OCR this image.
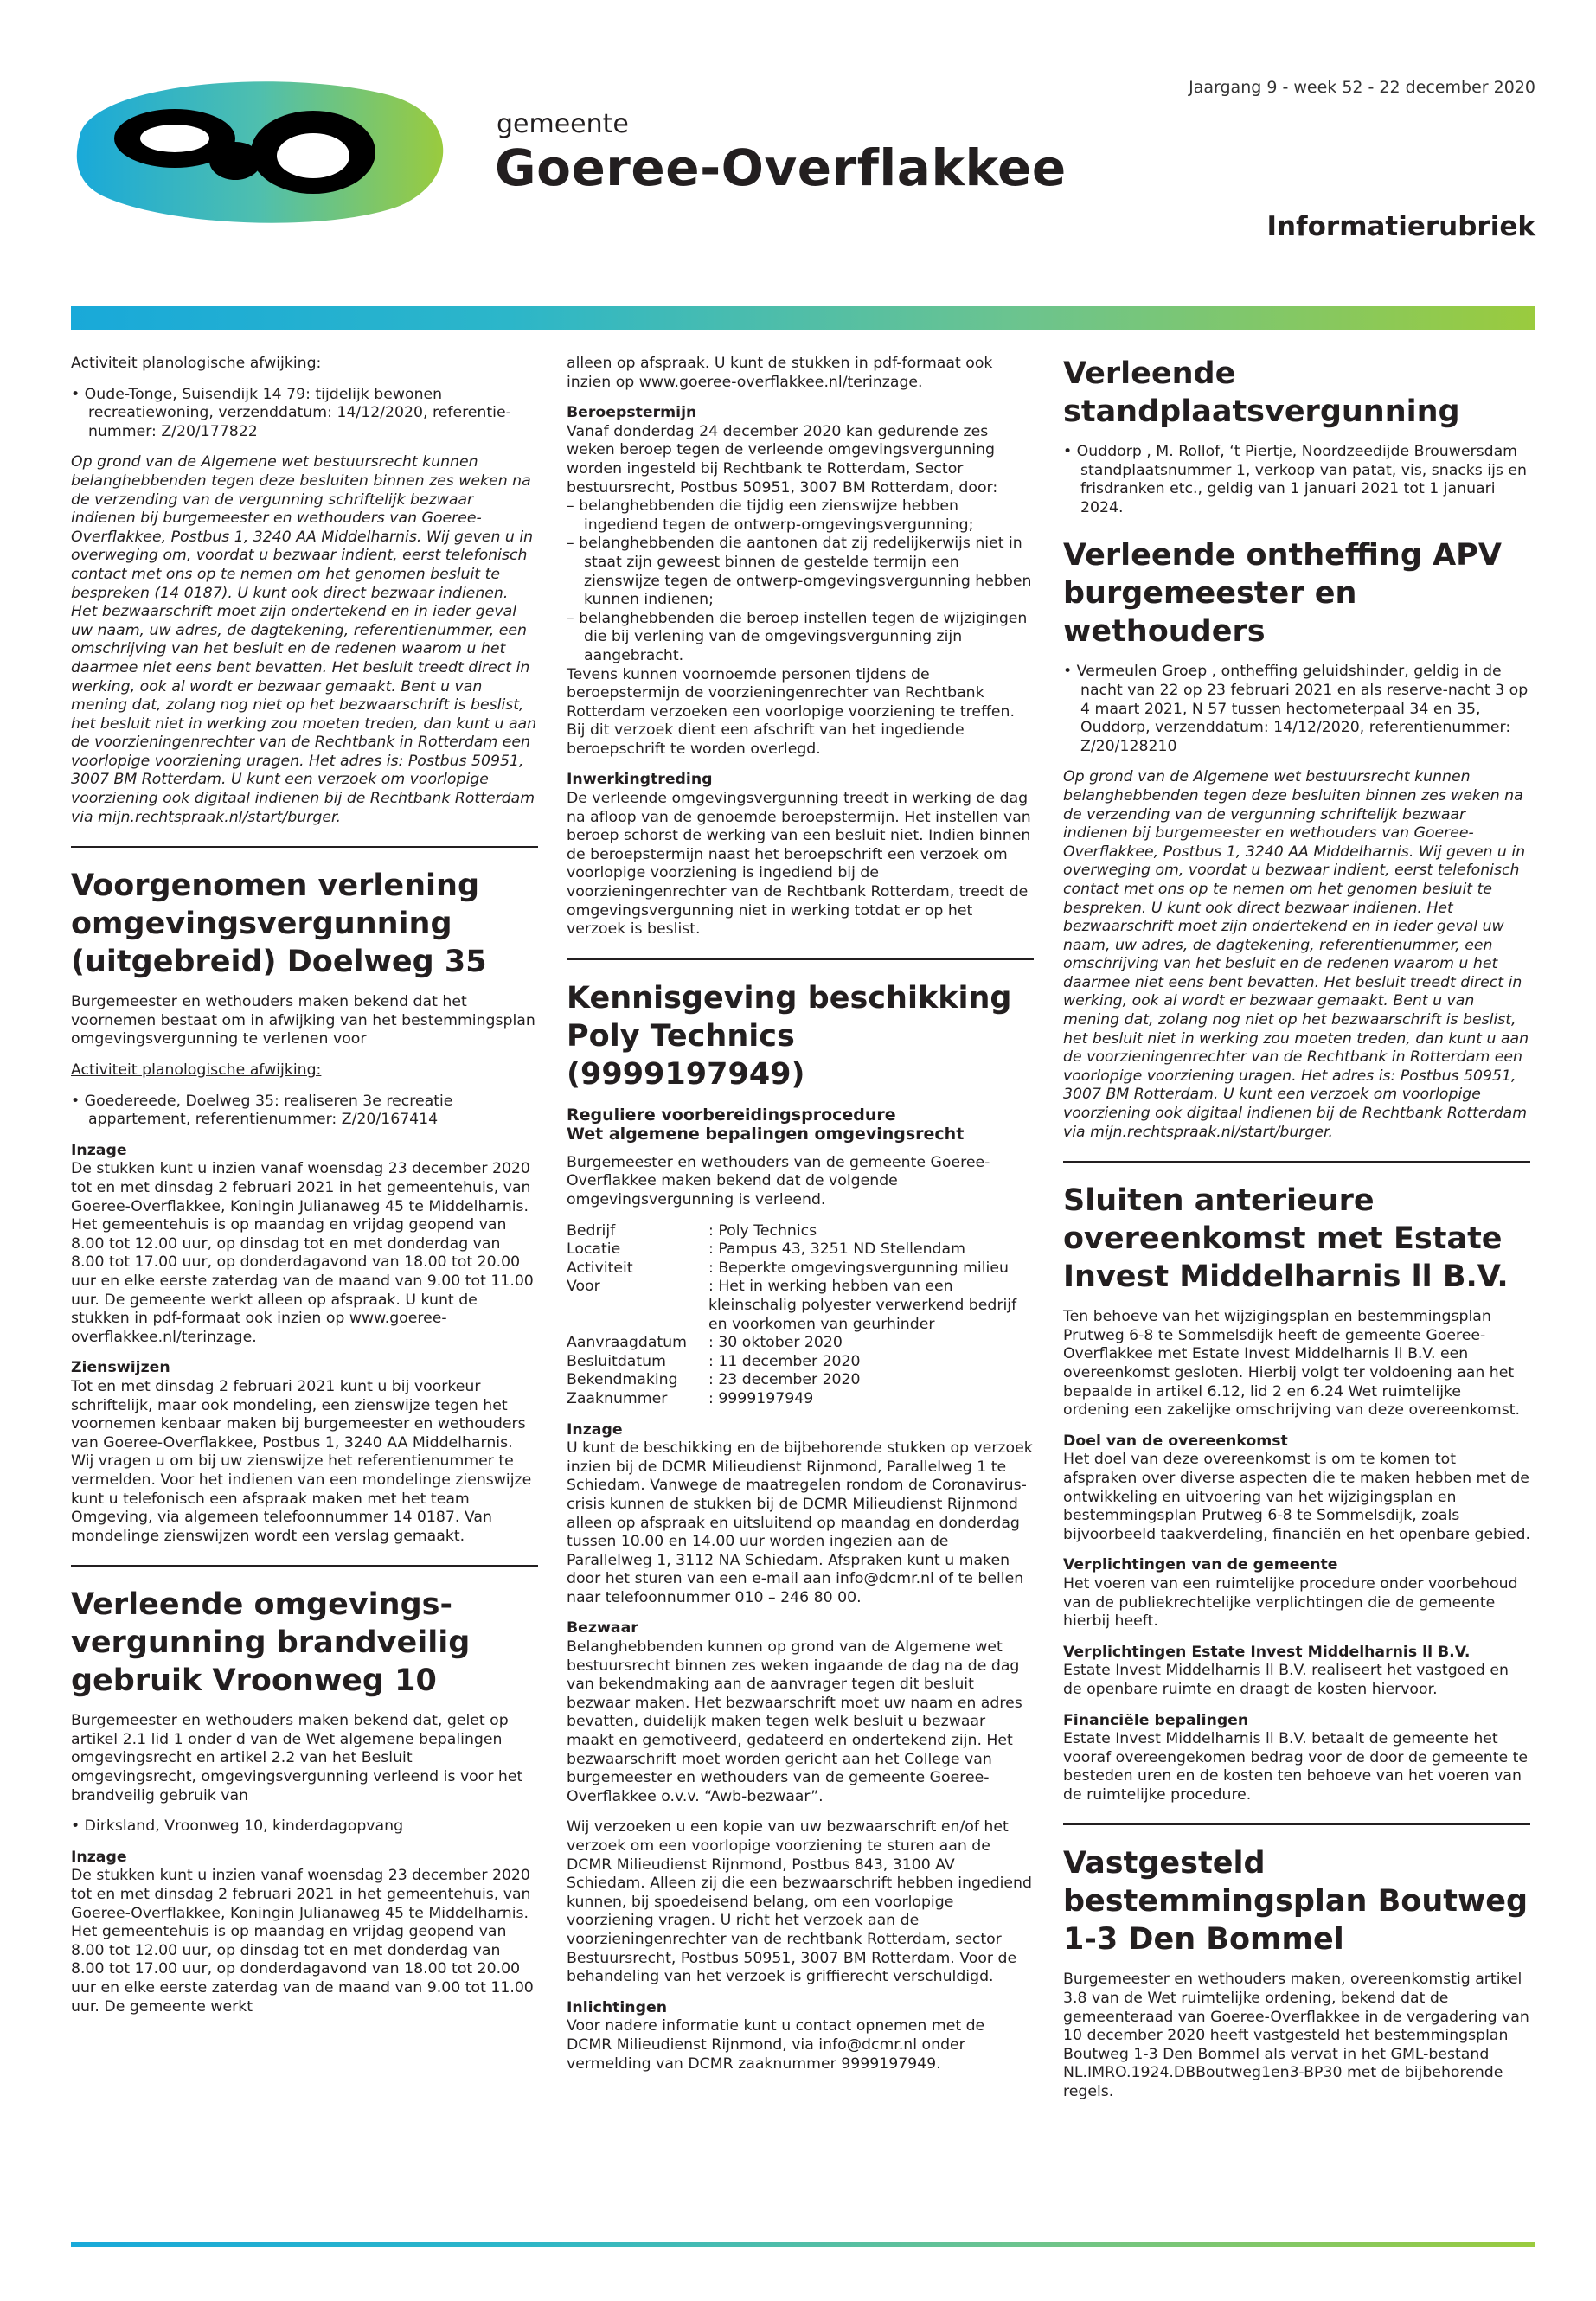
gemeente
Goeree-Overflakkee
Jaargang 9 - week 52 - 22 december 2020
Informatierubriek

Activiteit planologische afwijking:

• Oude-Tonge, Suisendijk 14 79: tijdelijk bewonen recreatiewoning, verzenddatum: 14/12/2020, referentie-nummer: Z/20/177822

Op grond van de Algemene wet bestuursrecht kunnen belanghebbenden tegen deze besluiten binnen zes weken na de verzending van de vergunning schriftelijk bezwaar indienen bij burgemeester en wethouders van Goeree-Overflakkee, Postbus 1, 3240 AA Middelharnis. Wij geven u in overweging om, voordat u bezwaar indient, eerst telefonisch contact met ons op te nemen om het genomen besluit te bespreken (14 0187). U kunt ook direct bezwaar indienen. Het bezwaarschrift moet zijn ondertekend en in ieder geval uw naam, uw adres, de dagtekening, referentienummer, een omschrijving van het besluit en de redenen waarom u het daarmee niet eens bent bevatten. Het besluit treedt direct in werking, ook al wordt er bezwaar gemaakt. Bent u van mening dat, zolang nog niet op het bezwaarschrift is beslist, het besluit niet in werking zou moeten treden, dan kunt u aan de voorzieningenrechter van de Rechtbank in Rotterdam een voorlopige voorziening uragen. Het adres is: Postbus 50951, 3007 BM Rotterdam. U kunt een verzoek om voorlopige voorziening ook digitaal indienen bij de Rechtbank Rotterdam via mijn.rechtspraak.nl/start/burger.

Voorgenomen verlening omgevingsvergunning (uitgebreid) Doelweg 35

Burgemeester en wethouders maken bekend dat het voornemen bestaat om in afwijking van het bestemmingsplan omgevingsvergunning te verlenen voor

Activiteit planologische afwijking:

• Goedereede, Doelweg 35: realiseren 3e recreatie appartement, referentienummer: Z/20/167414

Inzage

De stukken kunt u inzien vanaf woensdag 23 december 2020 tot en met dinsdag 2 februari 2021 in het gemeentehuis, van Goeree-Overflakkee, Koningin Julianaweg 45 te Middelharnis. Het gemeentehuis is op maandag en vrijdag geopend van 8.00 tot 12.00 uur, op dinsdag tot en met donderdag van 8.00 tot 17.00 uur, op donderdagavond van 18.00 tot 20.00 uur en elke eerste zaterdag van de maand van 9.00 tot 11.00 uur. De gemeente werkt alleen op afspraak. U kunt de stukken in pdf-formaat ook inzien op www.goeree-overflakkee.nl/terinzage.

Zienswijzen

Tot en met dinsdag 2 februari 2021 kunt u bij voorkeur schriftelijk, maar ook mondeling, een zienswijze tegen het voornemen kenbaar maken bij burgemeester en wethouders van Goeree-Overflakkee, Postbus 1, 3240 AA Middelharnis. Wij vragen u om bij uw zienswijze het referentienummer te vermelden. Voor het indienen van een mondelinge zienswijze kunt u telefonisch een afspraak maken met het team Omgeving, via algemeen telefoonnummer 14 0187. Van mondelinge zienswijzen wordt een verslag gemaakt.

Verleende omgevings-vergunning brandveilig gebruik Vroonweg 10

Burgemeester en wethouders maken bekend dat, gelet op artikel 2.1 lid 1 onder d van de Wet algemene bepalingen omgevingsrecht en artikel 2.2 van het Besluit omgevingsrecht, omgevingsvergunning verleend is voor het brandveilig gebruik van

• Dirksland, Vroonweg 10, kinderdagopvang

Inzage

De stukken kunt u inzien vanaf woensdag 23 december 2020 tot en met dinsdag 2 februari 2021 in het gemeentehuis, van Goeree-Overflakkee, Koningin Julianaweg 45 te Middelharnis. Het gemeentehuis is op maandag en vrijdag geopend van 8.00 tot 12.00 uur, op dinsdag tot en met donderdag van 8.00 tot 17.00 uur, op donderdagavond van 18.00 tot 20.00 uur en elke eerste zaterdag van de maand van 9.00 tot 11.00 uur. De gemeente werkt

alleen op afspraak. U kunt de stukken in pdf-formaat ook inzien op www.goeree-overflakkee.nl/terinzage.

Beroepstermijn

Vanaf donderdag 24 december 2020 kan gedurende zes weken beroep tegen de verleende omgevingsvergunning worden ingesteld bij Rechtbank te Rotterdam, Sector bestuursrecht, Postbus 50951, 3007 BM Rotterdam, door:

– belanghebbenden die tijdig een zienswijze hebben ingediend tegen de ontwerp-omgevingsvergunning;

– belanghebbenden die aantonen dat zij redelijkerwijs niet in staat zijn geweest binnen de gestelde termijn een zienswijze tegen de ontwerp-omgevingsvergunning hebben kunnen indienen;

– belanghebbenden die beroep instellen tegen de wijzigingen die bij verlening van de omgevingsvergunning zijn aangebracht.

Tevens kunnen voornoemde personen tijdens de beroepstermijn de voorzieningenrechter van Rechtbank Rotterdam verzoeken een voorlopige voorziening te treffen. Bij dit verzoek dient een afschrift van het ingediende beroepschrift te worden overlegd.

Inwerkingtreding

De verleende omgevingsvergunning treedt in werking de dag na afloop van de genoemde beroepstermijn. Het instellen van beroep schorst de werking van een besluit niet. Indien binnen de beroepstermijn naast het beroepschrift een verzoek om voorlopige voorziening is ingediend bij de voorzieningenrechter van de Rechtbank Rotterdam, treedt de omgevingsvergunning niet in werking totdat er op het verzoek is beslist.

Kennisgeving beschikking Poly Technics (9999197949)

Reguliere voorbereidingsprocedure
Wet algemene bepalingen omgevingsrecht

Burgemeester en wethouders van de gemeente Goeree-Overflakkee maken bekend dat de volgende omgevingsvergunning is verleend.

Bedrijf	: Poly Technics
Locatie	: Pampus 43, 3251 ND Stellendam
Activiteit	: Beperkte omgevingsvergunning milieu
Voor	: Het in werking hebben van een kleinschalig polyester verwerkend bedrijf en voorkomen van geurhinder
Aanvraagdatum	: 30 oktober 2020
Besluitdatum	: 11 december 2020
Bekendmaking	: 23 december 2020
Zaaknummer	: 9999197949

Inzage

U kunt de beschikking en de bijbehorende stukken op verzoek inzien bij de DCMR Milieudienst Rijnmond, Parallelweg 1 te Schiedam. Vanwege de maatregelen rondom de Coronavirus-crisis kunnen de stukken bij de DCMR Milieudienst Rijnmond alleen op afspraak en uitsluitend op maandag en donderdag tussen 10.00 en 14.00 uur worden ingezien aan de Parallelweg 1, 3112 NA Schiedam. Afspraken kunt u maken door het sturen van een e-mail aan info@dcmr.nl of te bellen naar telefoonnummer 010 – 246 80 00.

Bezwaar

Belanghebbenden kunnen op grond van de Algemene wet bestuursrecht binnen zes weken ingaande de dag na de dag van bekendmaking aan de aanvrager tegen dit besluit bezwaar maken. Het bezwaarschrift moet uw naam en adres bevatten, duidelijk maken tegen welk besluit u bezwaar maakt en gemotiveerd, gedateerd en ondertekend zijn. Het bezwaarschrift moet worden gericht aan het College van burgemeester en wethouders van de gemeente Goeree-Overflakkee o.v.v. “Awb-bezwaar”.

Wij verzoeken u een kopie van uw bezwaarschrift en/of het verzoek om een voorlopige voorziening te sturen aan de DCMR Milieudienst Rijnmond, Postbus 843, 3100 AV Schiedam. Alleen zij die een bezwaarschrift hebben ingediend kunnen, bij spoedeisend belang, om een voorlopige voorziening vragen. U richt het verzoek aan de voorzieningenrechter van de rechtbank Rotterdam, sector Bestuursrecht, Postbus 50951, 3007 BM Rotterdam. Voor de behandeling van het verzoek is griffierecht verschuldigd.

Inlichtingen

Voor nadere informatie kunt u contact opnemen met de DCMR Milieudienst Rijnmond, via info@dcmr.nl onder vermelding van DCMR zaaknummer 9999197949.

Verleende standplaatsvergunning

• Ouddorp , M. Rollof, ‘t Piertje, Noordzeedijde Brouwersdam standplaatsnummer 1, verkoop van patat, vis, snacks ijs en frisdranken etc., geldig van 1 januari 2021 tot 1 januari 2024.

Verleende ontheffing APV burgemeester en wethouders

• Vermeulen Groep , ontheffing geluidshinder, geldig in de nacht van 22 op 23 februari 2021 en als reserve-nacht 3 op 4 maart 2021, N 57 tussen hectometerpaal 34 en 35, Ouddorp, verzenddatum: 14/12/2020, referentienummer: Z/20/128210

Op grond van de Algemene wet bestuursrecht kunnen belanghebbenden tegen deze besluiten binnen zes weken na de verzending van de vergunning schriftelijk bezwaar indienen bij burgemeester en wethouders van Goeree-Overflakkee, Postbus 1, 3240 AA Middelharnis. Wij geven u in overweging om, voordat u bezwaar indient, eerst telefonisch contact met ons op te nemen om het genomen besluit te bespreken. U kunt ook direct bezwaar indienen. Het bezwaarschrift moet zijn ondertekend en in ieder geval uw naam, uw adres, de dagtekening, referentienummer, een omschrijving van het besluit en de redenen waarom u het daarmee niet eens bent bevatten. Het besluit treedt direct in werking, ook al wordt er bezwaar gemaakt. Bent u van mening dat, zolang nog niet op het bezwaarschrift is beslist, het besluit niet in werking zou moeten treden, dan kunt u aan de voorzieningenrechter van de Rechtbank in Rotterdam een voorlopige voorziening uragen. Het adres is: Postbus 50951, 3007 BM Rotterdam. U kunt een verzoek om voorlopige voorziening ook digitaal indienen bij de Rechtbank Rotterdam via mijn.rechtspraak.nl/start/burger.

Sluiten anterieure overeenkomst met Estate Invest Middelharnis ll B.V.

Ten behoeve van het wijzigingsplan en bestemmingsplan Prutweg 6-8 te Sommelsdijk heeft de gemeente Goeree-Overflakkee met Estate Invest Middelharnis ll B.V. een overeenkomst gesloten. Hierbij volgt ter voldoening aan het bepaalde in artikel 6.12, lid 2 en 6.24 Wet ruimtelijke ordening een zakelijke omschrijving van deze overeenkomst.

Doel van de overeenkomst

Het doel van deze overeenkomst is om te komen tot afspraken over diverse aspecten die te maken hebben met de ontwikkeling en uitvoering van het wijzigingsplan en bestemmingsplan Prutweg 6-8 te Sommelsdijk, zoals bijvoorbeeld taakverdeling, financiën en het openbare gebied.

Verplichtingen van de gemeente

Het voeren van een ruimtelijke procedure onder voorbehoud van de publiekrechtelijke verplichtingen die de gemeente hierbij heeft.

Verplichtingen Estate Invest Middelharnis ll B.V.

Estate Invest Middelharnis ll B.V. realiseert het vastgoed en de openbare ruimte en draagt de kosten hiervoor.

Financiële bepalingen

Estate Invest Middelharnis ll B.V. betaalt de gemeente het vooraf overeengekomen bedrag voor de door de gemeente te besteden uren en de kosten ten behoeve van het voeren van de ruimtelijke procedure.

Vastgesteld bestemmingsplan Boutweg 1-3 Den Bommel

Burgemeester en wethouders maken, overeenkomstig artikel 3.8 van de Wet ruimtelijke ordening, bekend dat de gemeenteraad van Goeree-Overflakkee in de vergadering van 10 december 2020 heeft vastgesteld het bestemmingsplan Boutweg 1-3 Den Bommel als vervat in het GML-bestand NL.IMRO.1924.DBBoutweg1en3-BP30 met de bijbehorende regels.
